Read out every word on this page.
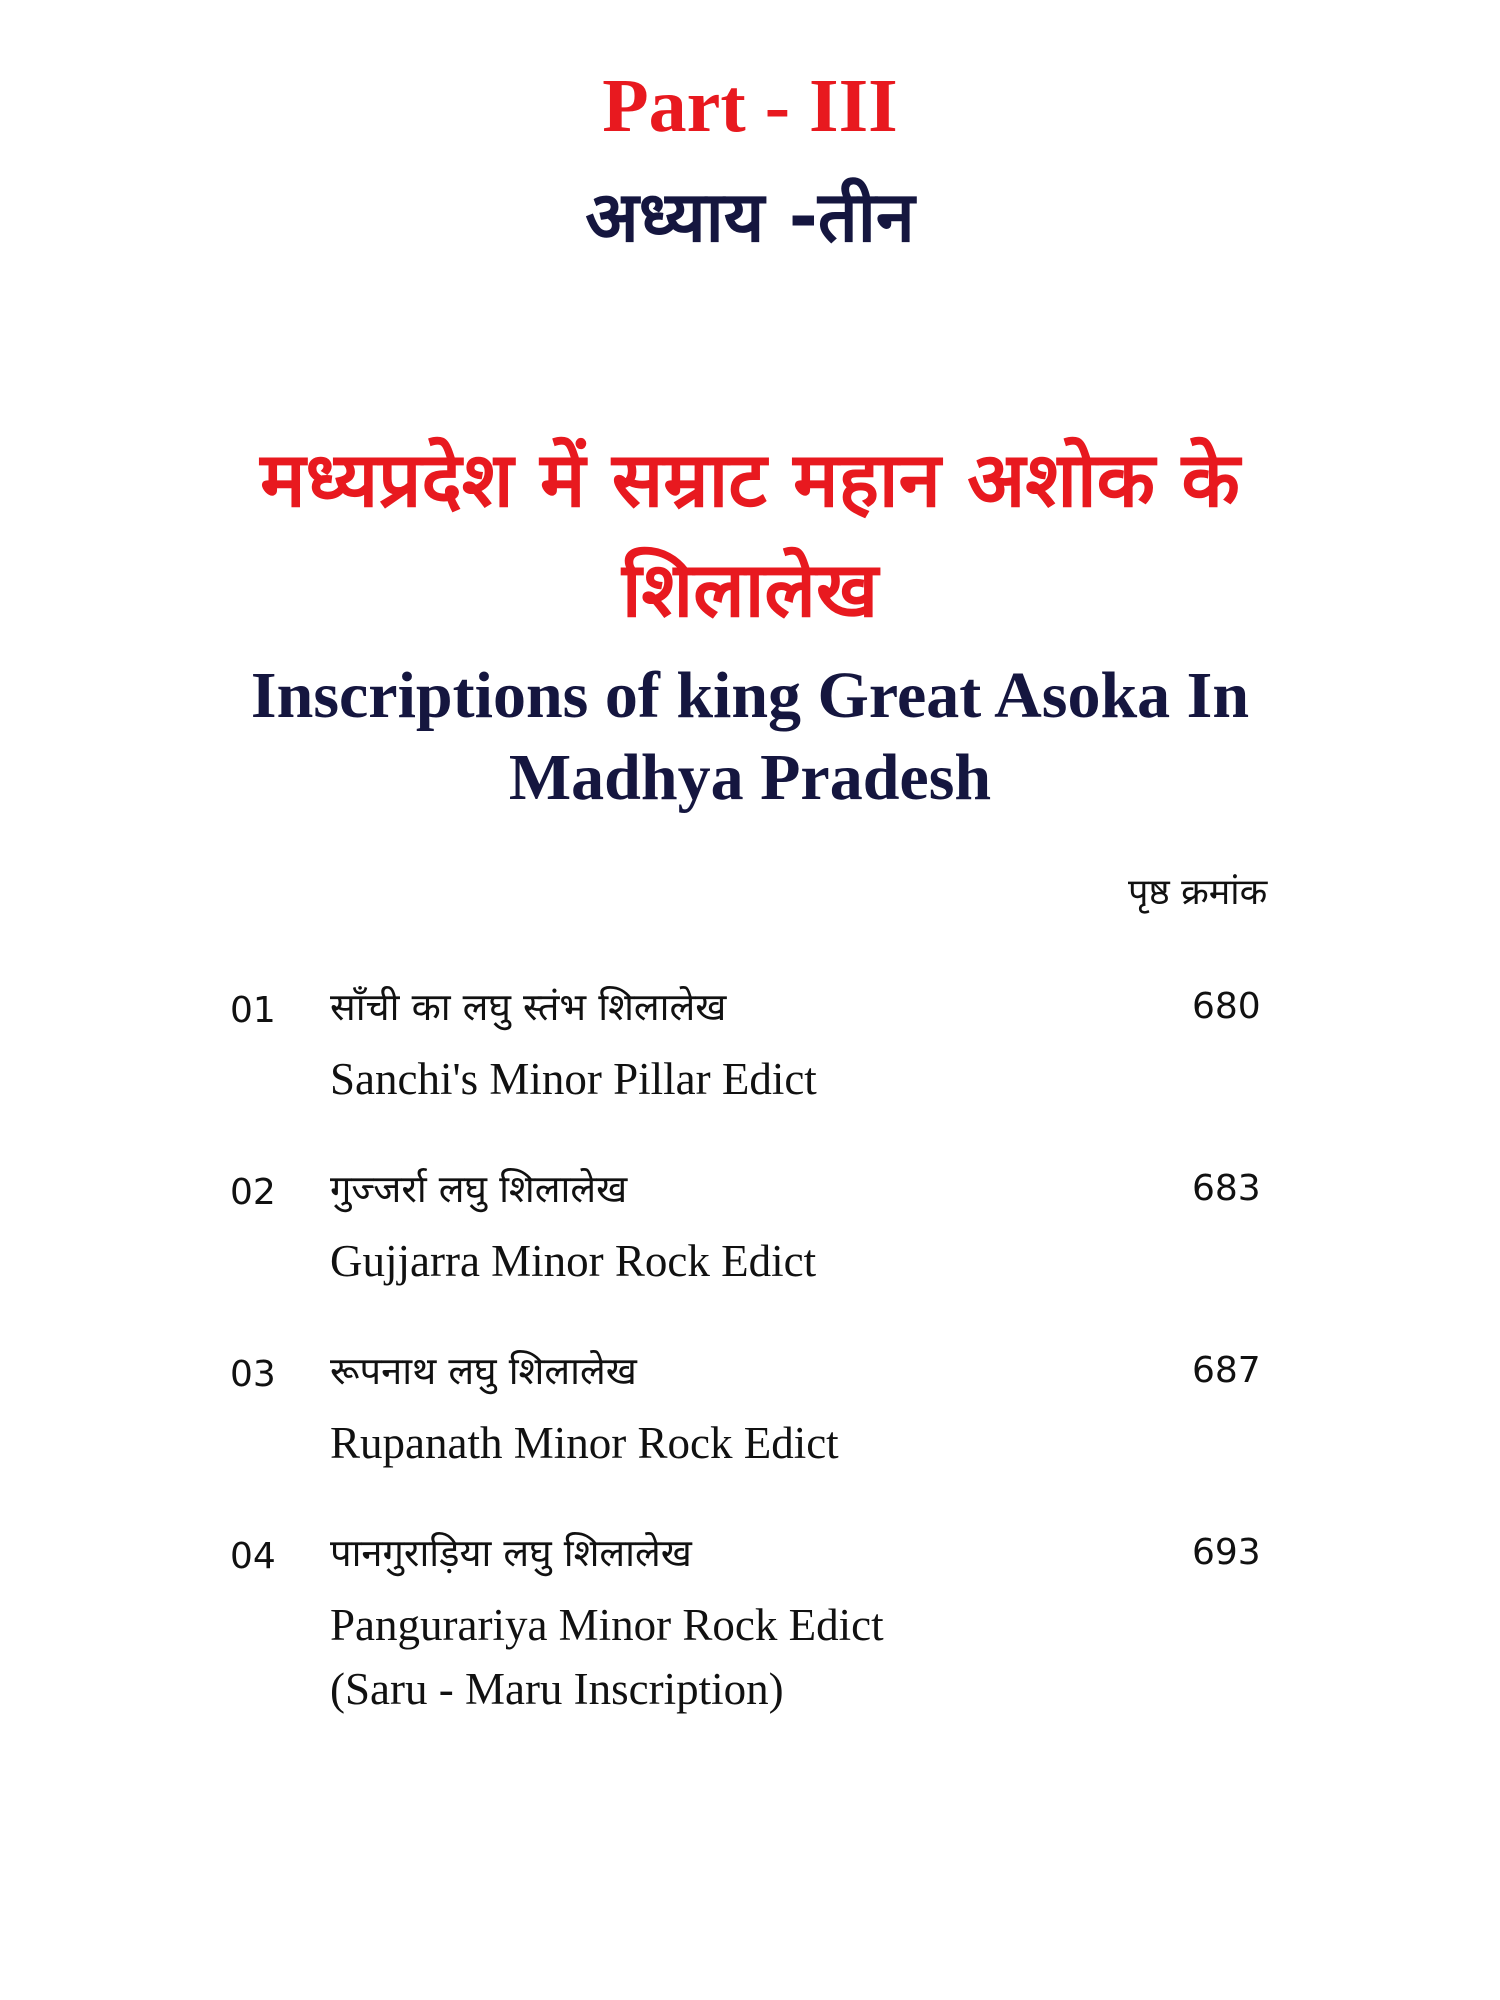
Part - III
अध्याय -तीन
मध्यप्रदेश में सम्राट महान अशोक के
शिलालेख
Inscriptions of king Great Asoka In
Madhya Pradesh
पृष्ठ क्रमांक
01 साँची का लघु स्तंभ शिलालेख
Sanchi's Minor Pillar Edict
680
02 गुज्जर्रा लघु शिलालेख
Gujjarra Minor Rock Edict
683
03 रूपनाथ लघु शिलालेख
Rupanath Minor Rock Edict
687
04 पानगुराड़िया लघु शिलालेख
Pangurariya Minor Rock Edict
(Saru - Maru Inscription)
693
